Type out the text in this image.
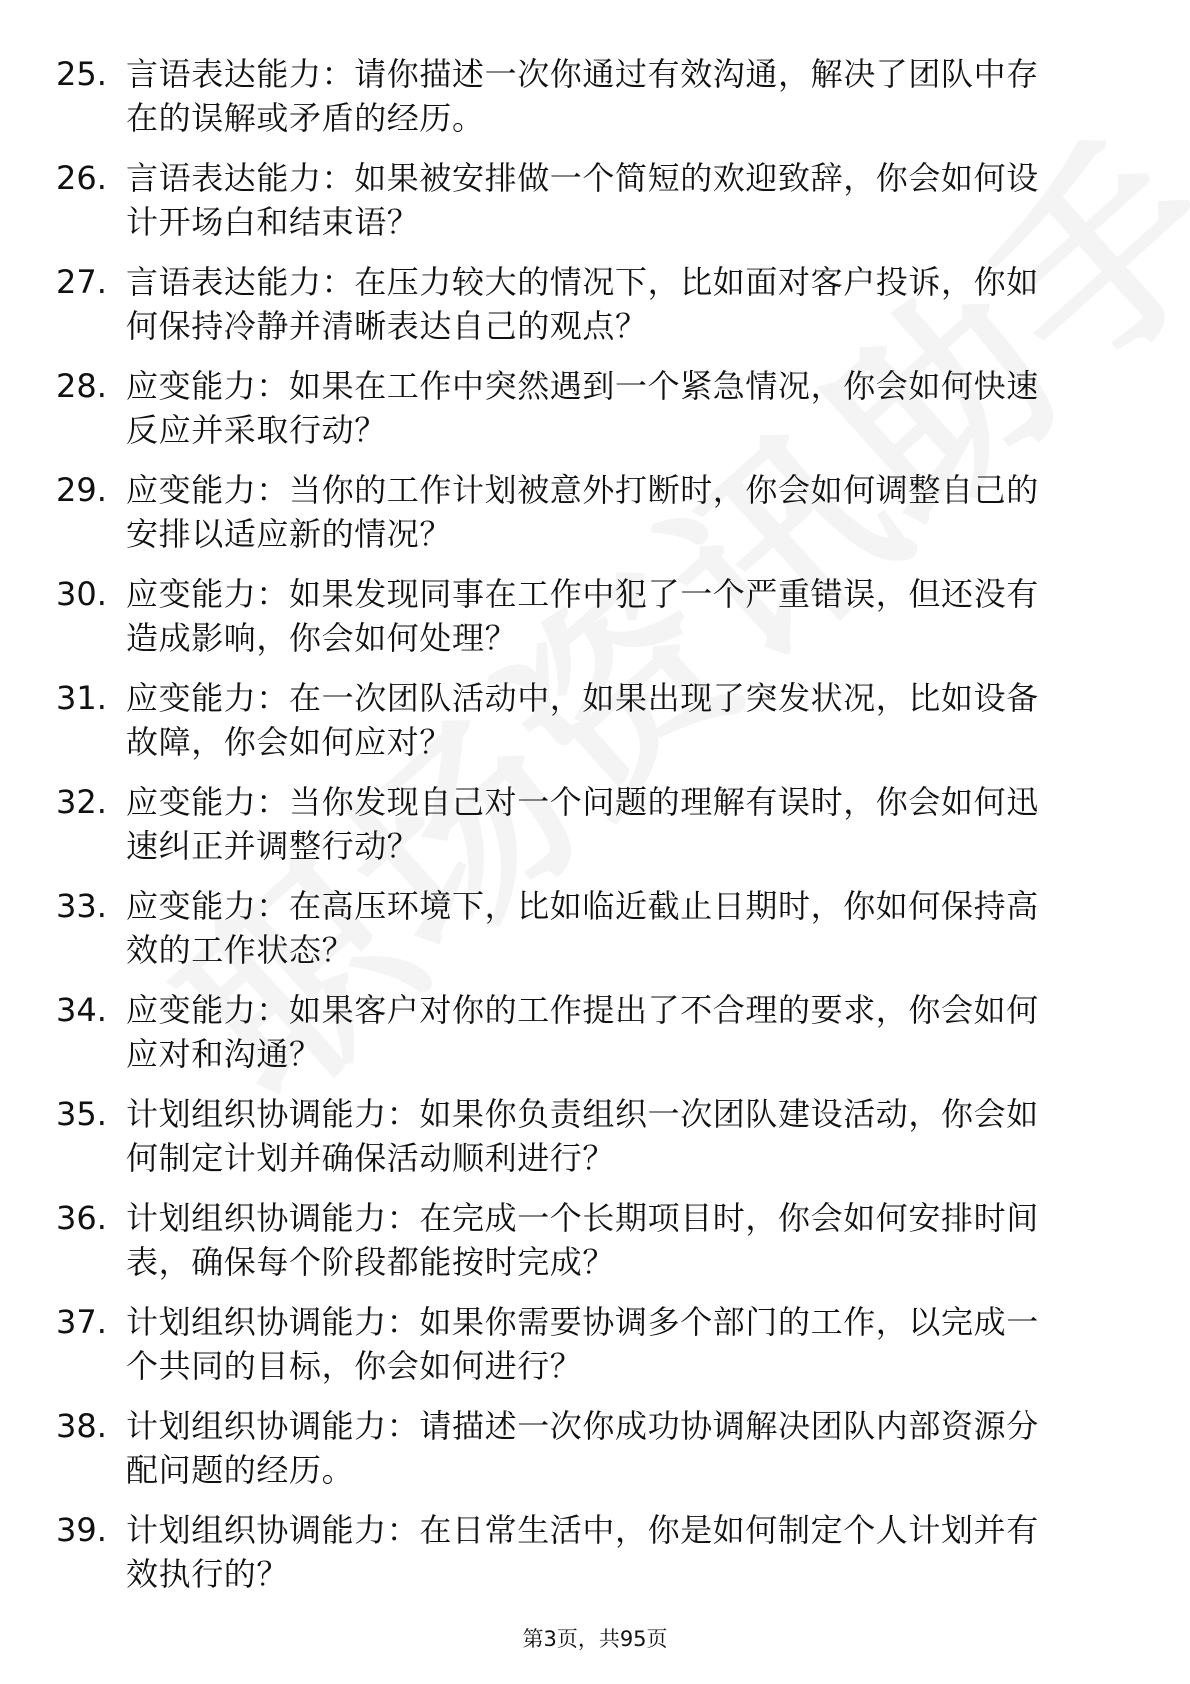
25. 言语表达能力：请你描述一次你通过有效沟通，解决了团队中存
在的误解或矛盾的经历。
26. 言语表达能力：如果被安排做一个简短的欢迎致辞，你会如何设
计开场白和结束语？
27. 言语表达能力：在压力较大的情况下，比如面对客户投诉，你如
何保持冷静并清晰表达自己的观点？
28. 应变能力：如果在工作中突然遇到一个紧急情况，你会如何快速
反应并采取行动？
29. 应变能力：当你的工作计划被意外打断时，你会如何调整自己的
安排以适应新的情况？
30. 应变能力：如果发现同事在工作中犯了一个严重错误，但还没有
造成影响，你会如何处理？
31. 应变能力：在一次团队活动中，如果出现了突发状况，比如设备
故障，你会如何应对？
32. 应变能力：当你发现自己对一个问题的理解有误时，你会如何迅
速纠正并调整行动？
33. 应变能力：在高压环境下，比如临近截止日期时，你如何保持高
效的工作状态？
34. 应变能力：如果客户对你的工作提出了不合理的要求，你会如何
应对和沟通？
35. 计划组织协调能力：如果你负责组织一次团队建设活动，你会如
何制定计划并确保活动顺利进行？
36. 计划组织协调能力：在完成一个长期项目时，你会如何安排时间
表，确保每个阶段都能按时完成？
37. 计划组织协调能力：如果你需要协调多个部门的工作，以完成一
个共同的目标，你会如何进行？
38. 计划组织协调能力：请描述一次你成功协调解决团队内部资源分
配问题的经历。
39. 计划组织协调能力：在日常生活中，你是如何制定个人计划并有
效执行的？
第3页，共95页
